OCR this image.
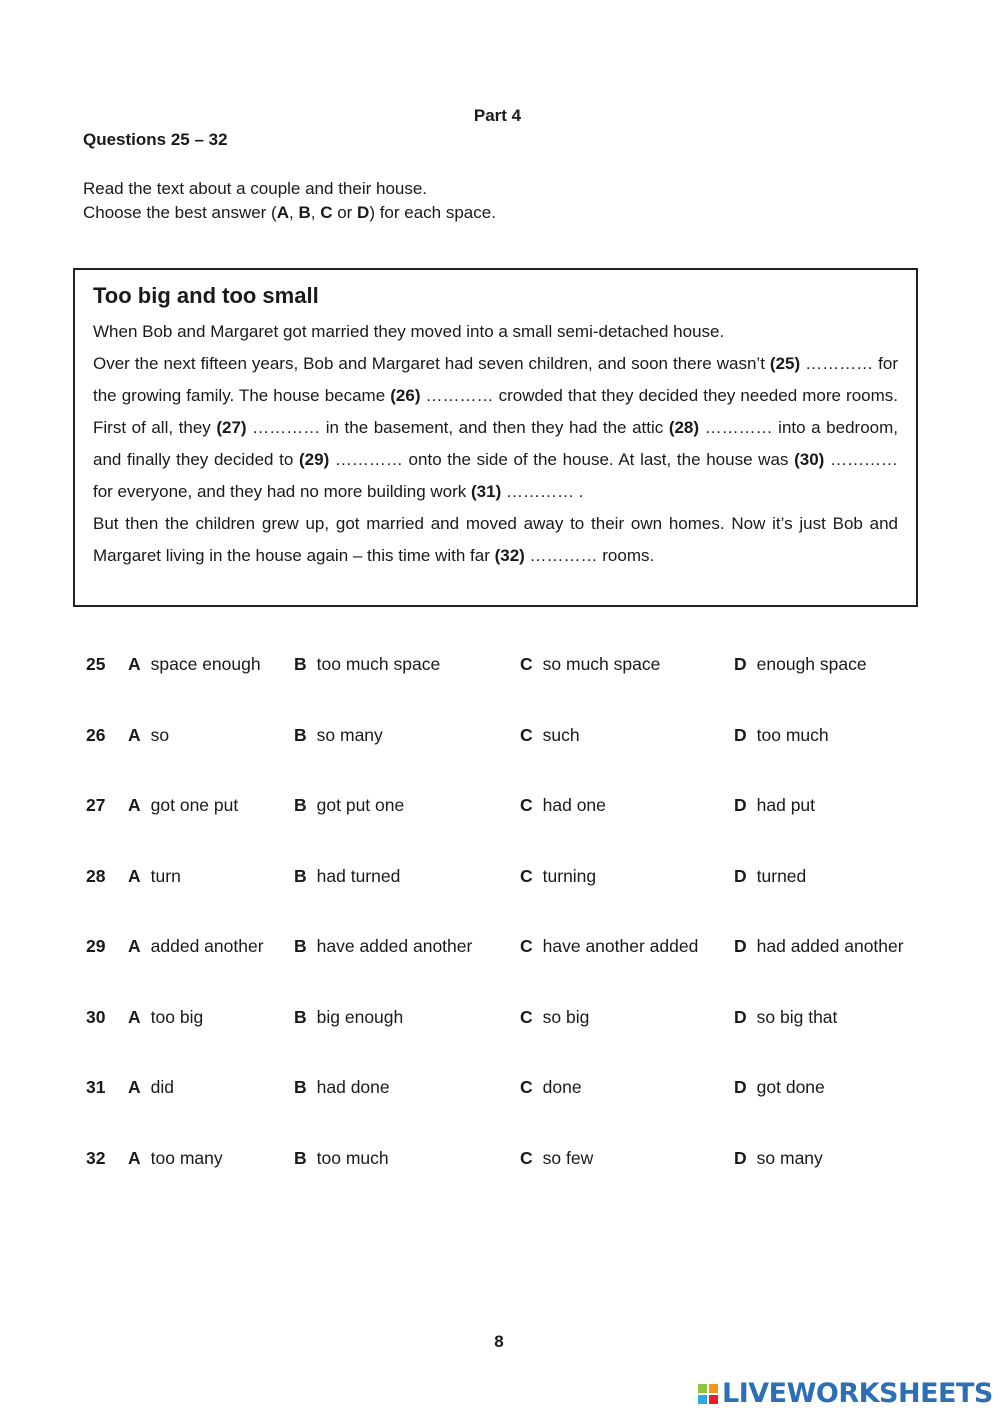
Part 4
Questions 25 – 32
Read the text about a couple and their house.
Choose the best answer (A, B, C or D) for each space.
Too big and too small

When Bob and Margaret got married they moved into a small semi-detached house.

Over the next fifteen years, Bob and Margaret had seven children, and soon there wasn’t (25) ………… for the growing family. The house became (26) ………… crowded that they decided they needed more rooms. First of all, they (27) ………… in the basement, and then they had the attic (28) ………… into a bedroom, and finally they decided to (29) ………… onto the side of the house. At last, the house was (30) ………… for everyone, and they had no more building work (31) ………… .

But then the children grew up, got married and moved away to their own homes. Now it’s just Bob and Margaret living in the house again – this time with far (32) ………… rooms.

25 A space enough B too much space	C so much space	D enough space
26 A so	B so many	C such	D too much
27 A got one put	B got put one	C had one	D had put
28 A turn	B had turned	C turning	D turned
29 A added another B have added another	C have another added D had added another
30 A too big	B big enough	C so big	D so big that
31 A did	B had done	C done	D got done
32 A too many	B too much	C so few	D so many
8
LIVEWORKSHEETS
